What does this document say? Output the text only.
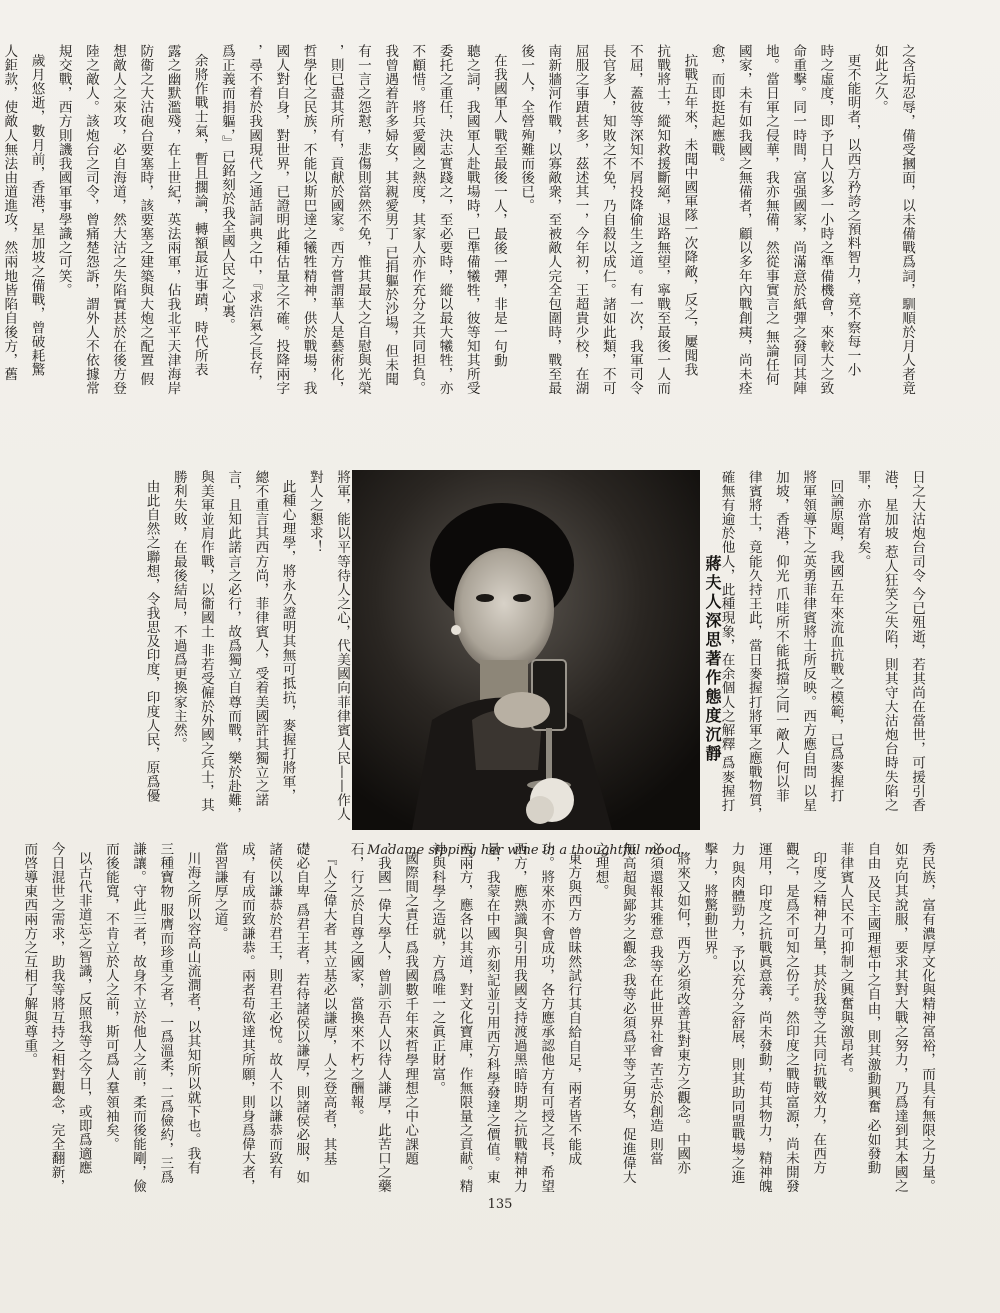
之含垢忍辱，備受摑面，以未備戰爲詞，馴順於月人者竟
如此之久。
更不能明者，以西方矜誇之預料智力，竟不察每一小
時之虛度，即予日人以多一小時之準備機會，來較大之致
命重擊。同一時間，富强國家，尚滿意於紙彈之發同其陣
地。當日軍之侵華，我亦無備，然從事實言之 無論任何
國家，未有如我國之無備者，顧以多年內戰創痍，尚未痊
愈，而即挺起應戰。
抗戰五年來，未聞中國軍隊一次降敵，反之，屢聞我
抗戰將士，縱知救援斷絕，退路無望，寧戰至最後一人而
不屈，蓋彼等深知不屑投降偷生之道。有一次，我軍司令
長官多人，知敗之不免，乃自殺以成仁。諸如此類，不可
屈服之事蹟甚多，茲述其一，今年初，王超貴少校，在湖
南新牆河作戰，以寡敵衆，至被敵人完全包圍時，戰至最
後一人，全營殉難而後已。
在我國軍人 戰至最後一人，最後一彈，非是一句動
聽之詞，我國軍人赴戰場時，已準備犧牲，彼等知其所受
委托之重任，決志實踐之，至必要時，縱以最大犧牲，亦
不顧惜。將兵愛國之熱度，其家人亦作充分之共同担負。
我曾遇着許多婦女，其親愛男丁 已捐軀於沙場，但未聞
有一言之怨懟，悲傷則當然不免，惟其最大之自慰與光榮
，則已盡其所有，貢献於國家。西方嘗謂華人是藝術化，
哲學化之民族，不能以斯巴達之犧牲精神，供於戰場，我
國人對自身，對世界，已證明此種估量之不確。投降兩字
，尋不着於我國現代之通話詞典之中，『求浩氣之長存，
爲正義而捐軀，』已銘刻於我全國人民之心裏。
余將作戰士氣，暫且擱論，轉額最近事蹟，時代所表
露之幽默濫殘，在上世紀，英法兩軍，佔我北平天津海岸
防衞之大沽砲台要塞時，該要塞之建築與大炮之配置 假
想敵人之來攻，必自海道，然大沽之失陷實甚於在後方登
陸之敵人。該炮台之司令，曾痛楚怨訴，謂外人不依據常
規交戰，西方則譏我國軍事學識之可笑。
歲月悠逝，數月前，香港，星加坡之備戰，曾破耗驚
人鉅款，使敵人無法由道進攻，然兩地皆陷自後方，舊
日之大沽炮台司令 今已殂逝，若其尚在當世，可援引香
港，星加坡 惹人狂笑之失陷，則其守大沽炮台時失陷之
罪，亦當宥矣。
回論原題，我國五年來流血抗戰之模範，已爲麥握打
將軍領導下之英勇菲律賓將士所反映。西方應自問 以星
加坡，香港，仰光 爪哇所不能抵擋之同一敵人 何以菲
律賓將士，竟能久持王此，當日麥握打將軍之應戰物質，
確無有逾於他人，此種現象，在余個人之解釋 爲麥握打
蔣夫人深思著作態度沉靜
Madame sipping her wine in a thoughtful mood.
將軍，能以平等待人之心，代美國向菲律賓人民——作人
對人之懇求！
此種心理學，將永久證明其無可抵抗，麥握打將軍，
總不重言其西方尚，菲律賓人，受着美國許其獨立之諾
言，且知此諾言之必行，故爲獨立自尊而戰，樂於赴難，
與美軍並肩作戰，以衞國土 非若受僱於外國之兵士，其
勝利失敗，在最後結局，不過爲更換家主然。
由此自然之聯想，令我思及印度，印度人民，原爲優
秀民族，富有濃厚文化與精神富裕，而具有無限之力量。
如克向其說服，要求其對大戰之努力，乃爲達到其本國之
自由 及民主國理想中之自由，則其激動興奮 必如發動
菲律賓人民不可抑制之興奮與激昂者。
印度之精神力量，其於我等之共同抗戰效力，在西方
觀之，是爲不可知之份子。然印度之戰時富源，尚未開發
運用，印度之抗戰眞意義，尚未發動，苟其物力，精神魄
力 與肉體勁力，予以充分之舒展，則其助同盟戰場之進
擊力，將驚動世界。
將來又如何，西方必須改善其對東方之觀念。中國亦
必須還報其雅意 我等在此世界社會 苦志於創造 則當
無高超與鄙劣之觀念 我等必須爲平等之男女，促進偉大
之理想。
東方與西方 曾昧然試行其自給自足，兩者皆不能成
功。將來亦不會成功，各方應承認他方有可授之長，希望
西方，應熟識與引用我國支持渡過黑暗時期之抗戰精神力
量，我蒙在中國 亦刻記並引用西方科學發達之價值。東
西兩方，應各以其道，對文化寶庫，作無限量之貢献。精
神與科學之造就，方爲唯一之眞正財富。
國際間之責任 爲我國數千年來哲學理想之中心課題
，我國一偉大學人，曾訓示吾人以待人謙厚，此苦口之藥
石，行之於自尊之國家，當換來不朽之酬報。
『人之偉大者 其立基必以謙厚，人之登高者，其基
礎必自卑 爲君王者，若待諸侯以謙厚，則諸侯必服，如
諸侯以謙恭於君王，則君王必悅。故人不以謙恭而致有
成，有成而致謙恭。兩者苟欲達其所願，則身爲偉大者，
當習謙厚之道。
川海之所以容高山流澗者，以其知所以就下也。我有
三種寶物 服膺而珍重之者，一爲溫柔，二爲儉約，三爲
謙讓。守此三者，故身不立於他人之前，柔而後能剛，儉
而後能寬，不肯立於人之前，斯可爲人羣領袖矣。
以古代非道忘之智識，反照我等之今日，或即爲適應
今日混世之需求，助我等將互持之相對觀念，完全翻新，
而啓導東西兩方之互相了解與尊重。
135
